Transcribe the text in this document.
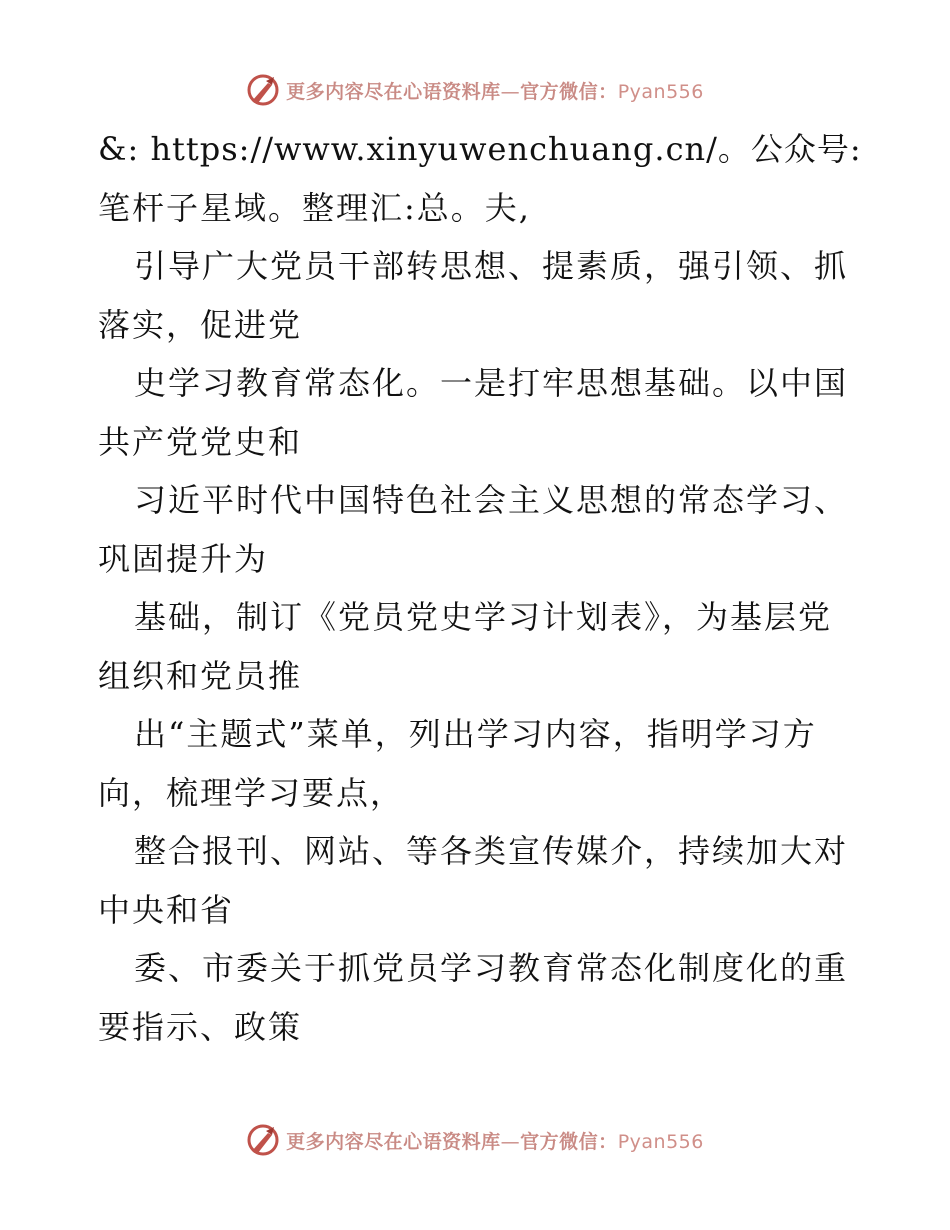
更多内容尽在心语资料库—官方微信：Pyan556
&: https://www.xinyuwenchuang.cn/。公众号:
笔杆子星域。整理汇:总。夫,
引导广大党员干部转思想、提素质，强引领、抓
落实，促进党
史学习教育常态化。一是打牢思想基础。以中国
共产党党史和
习近平时代中国特色社会主义思想的常态学习、
巩固提升为
基础，制订《党员党史学习计划表》，为基层党
组织和党员推
出“主题式”菜单，列出学习内容，指明学习方
向，梳理学习要点，
整合报刊、网站、等各类宣传媒介，持续加大对
中央和省
委、市委关于抓党员学习教育常态化制度化的重
要指示、政策
更多内容尽在心语资料库—官方微信：Pyan556
